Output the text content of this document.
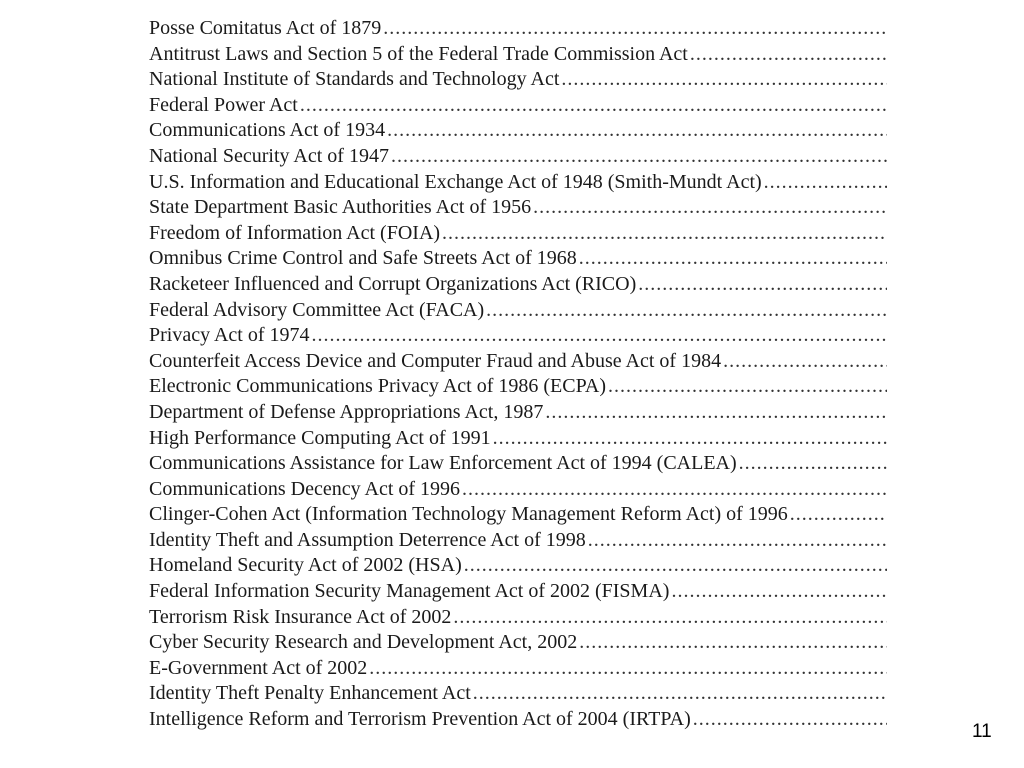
Posse Comitatus Act of 1879
.....
Antitrust Laws and Section 5 of the Federal Trade Commission Act
.....
National Institute of Standards and Technology Act
.....
Federal Power Act
.....
Communications Act of 1934
.....
National Security Act of 1947
.....
U.S. Information and Educational Exchange Act of 1948 (Smith-Mundt Act)
.....
State Department Basic Authorities Act of 1956
.....
Freedom of Information Act (FOIA)
.....
Omnibus Crime Control and Safe Streets Act of 1968
.....
Racketeer Influenced and Corrupt Organizations Act (RICO)
.....
Federal Advisory Committee Act (FACA)
.....
Privacy Act of 1974
.....
Counterfeit Access Device and Computer Fraud and Abuse Act of 1984
.....
Electronic Communications Privacy Act of 1986 (ECPA)
.....
Department of Defense Appropriations Act, 1987
.....
High Performance Computing Act of 1991
.....
Communications Assistance for Law Enforcement Act of 1994 (CALEA)
.....
Communications Decency Act of 1996
.....
Clinger-Cohen Act (Information Technology Management Reform Act) of 1996
.....
Identity Theft and Assumption Deterrence Act of 1998
.....
Homeland Security Act of 2002 (HSA)
.....
Federal Information Security Management Act of 2002 (FISMA)
.....
Terrorism Risk Insurance Act of 2002
.....
Cyber Security Research and Development Act, 2002
.....
E-Government Act of 2002
.....
Identity Theft Penalty Enhancement Act
.....
Intelligence Reform and Terrorism Prevention Act of 2004 (IRTPA)
.....
11
